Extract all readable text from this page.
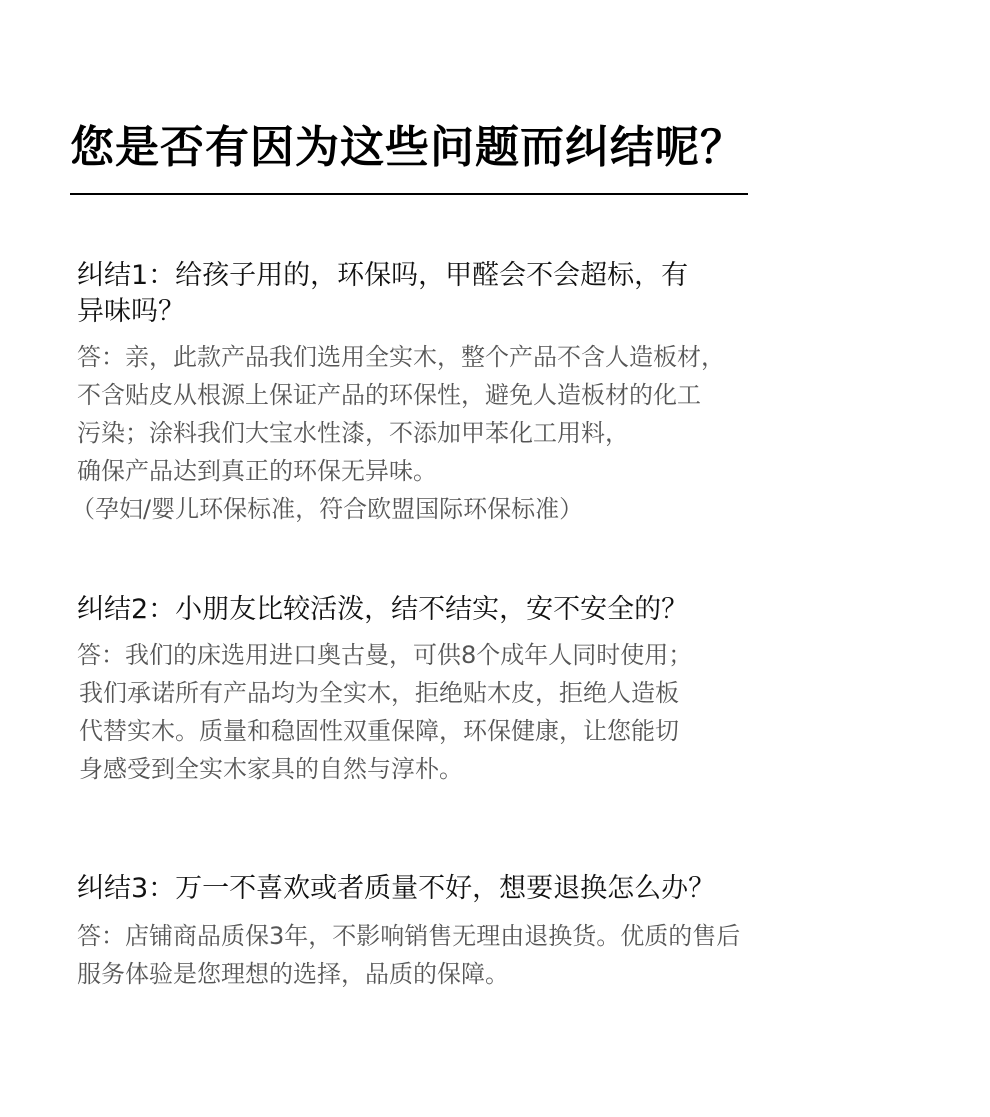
您是否有因为这些问题而纠结呢？
纠结1：给孩子用的，环保吗，甲醛会不会超标，有
异味吗？

答：亲，此款产品我们选用全实木，整个产品不含人造板材，
不含贴皮从根源上保证产品的环保性，避免人造板材的化工
污染；涂料我们大宝水性漆，不添加甲苯化工用料，
确保产品达到真正的环保无异味。
（孕妇/婴儿环保标准，符合欧盟国际环保标准）

纠结2：小朋友比较活泼，结不结实，安不安全的？

答：我们的床选用进口奥古曼，可供8个成年人同时使用；
我们承诺所有产品均为全实木，拒绝贴木皮，拒绝人造板
代替实木。质量和稳固性双重保障，环保健康，让您能切
身感受到全实木家具的自然与淳朴。

纠结3：万一不喜欢或者质量不好，想要退换怎么办？

答：店铺商品质保3年，不影响销售无理由退换货。优质的售后
服务体验是您理想的选择，品质的保障。
